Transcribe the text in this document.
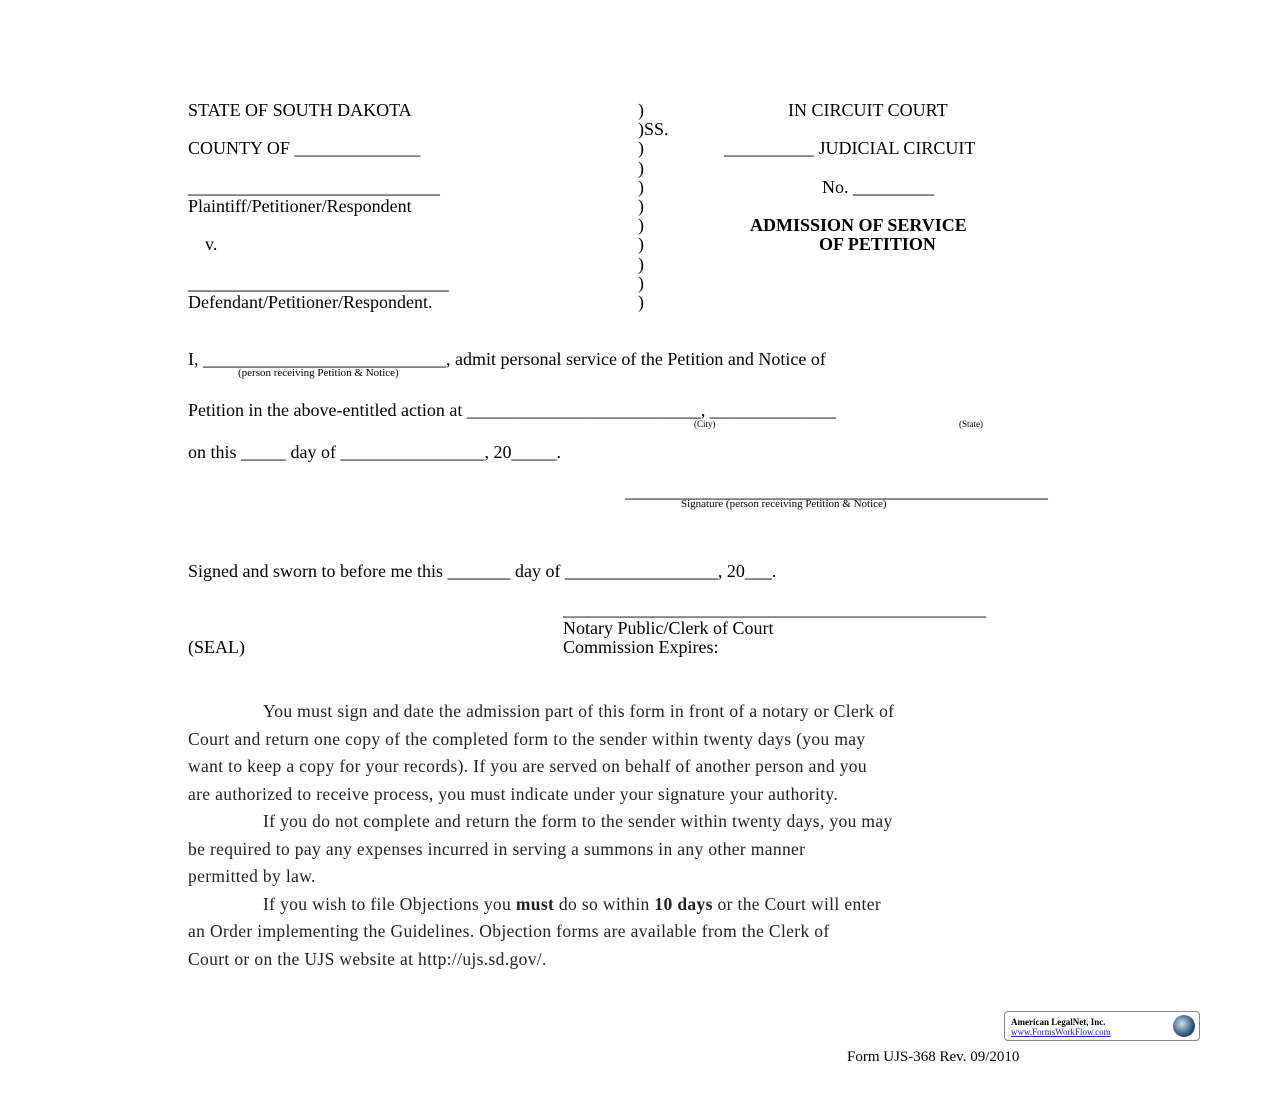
STATE OF SOUTH DAKOTA
COUNTY OF ______________
____________________________
Plaintiff/Petitioner/Respondent
v.
_____________________________
Defendant/Petitioner/Respondent.
)
)SS.
)
)
)
)
)
)
)
)
)
IN CIRCUIT COURT
__________ JUDICIAL CIRCUIT
No. _________
ADMISSION OF SERVICE
OF PETITION
I, ___________________________, admit personal service of the Petition and Notice of
(person receiving Petition & Notice)
Petition in the above-entitled action at __________________________, ______________
(City)	(State)
on this _____ day of ________________, 20_____.
_______________________________________________
Signature (person receiving Petition & Notice)
Signed and sworn to before me this _______ day of _________________, 20___.
_______________________________________________
Notary Public/Clerk of Court
Commission Expires:
(SEAL)
You must sign and date the admission part of this form in front of a notary or Clerk of
Court and return one copy of the completed form to the sender within twenty days (you may
want to keep a copy for your records). If you are served on behalf of another person and you
are authorized to receive process, you must indicate under your signature your authority.
If you do not complete and return the form to the sender within twenty days, you may
be required to pay any expenses incurred in serving a summons in any other manner
permitted by law.
If you wish to file Objections you must do so within 10 days or the Court will enter
an Order implementing the Guidelines. Objection forms are available from the Clerk of
Court or on the UJS website at http://ujs.sd.gov/.
American LegalNet, Inc.
www.FormsWorkFlow.com
Form UJS-368 Rev. 09/2010
